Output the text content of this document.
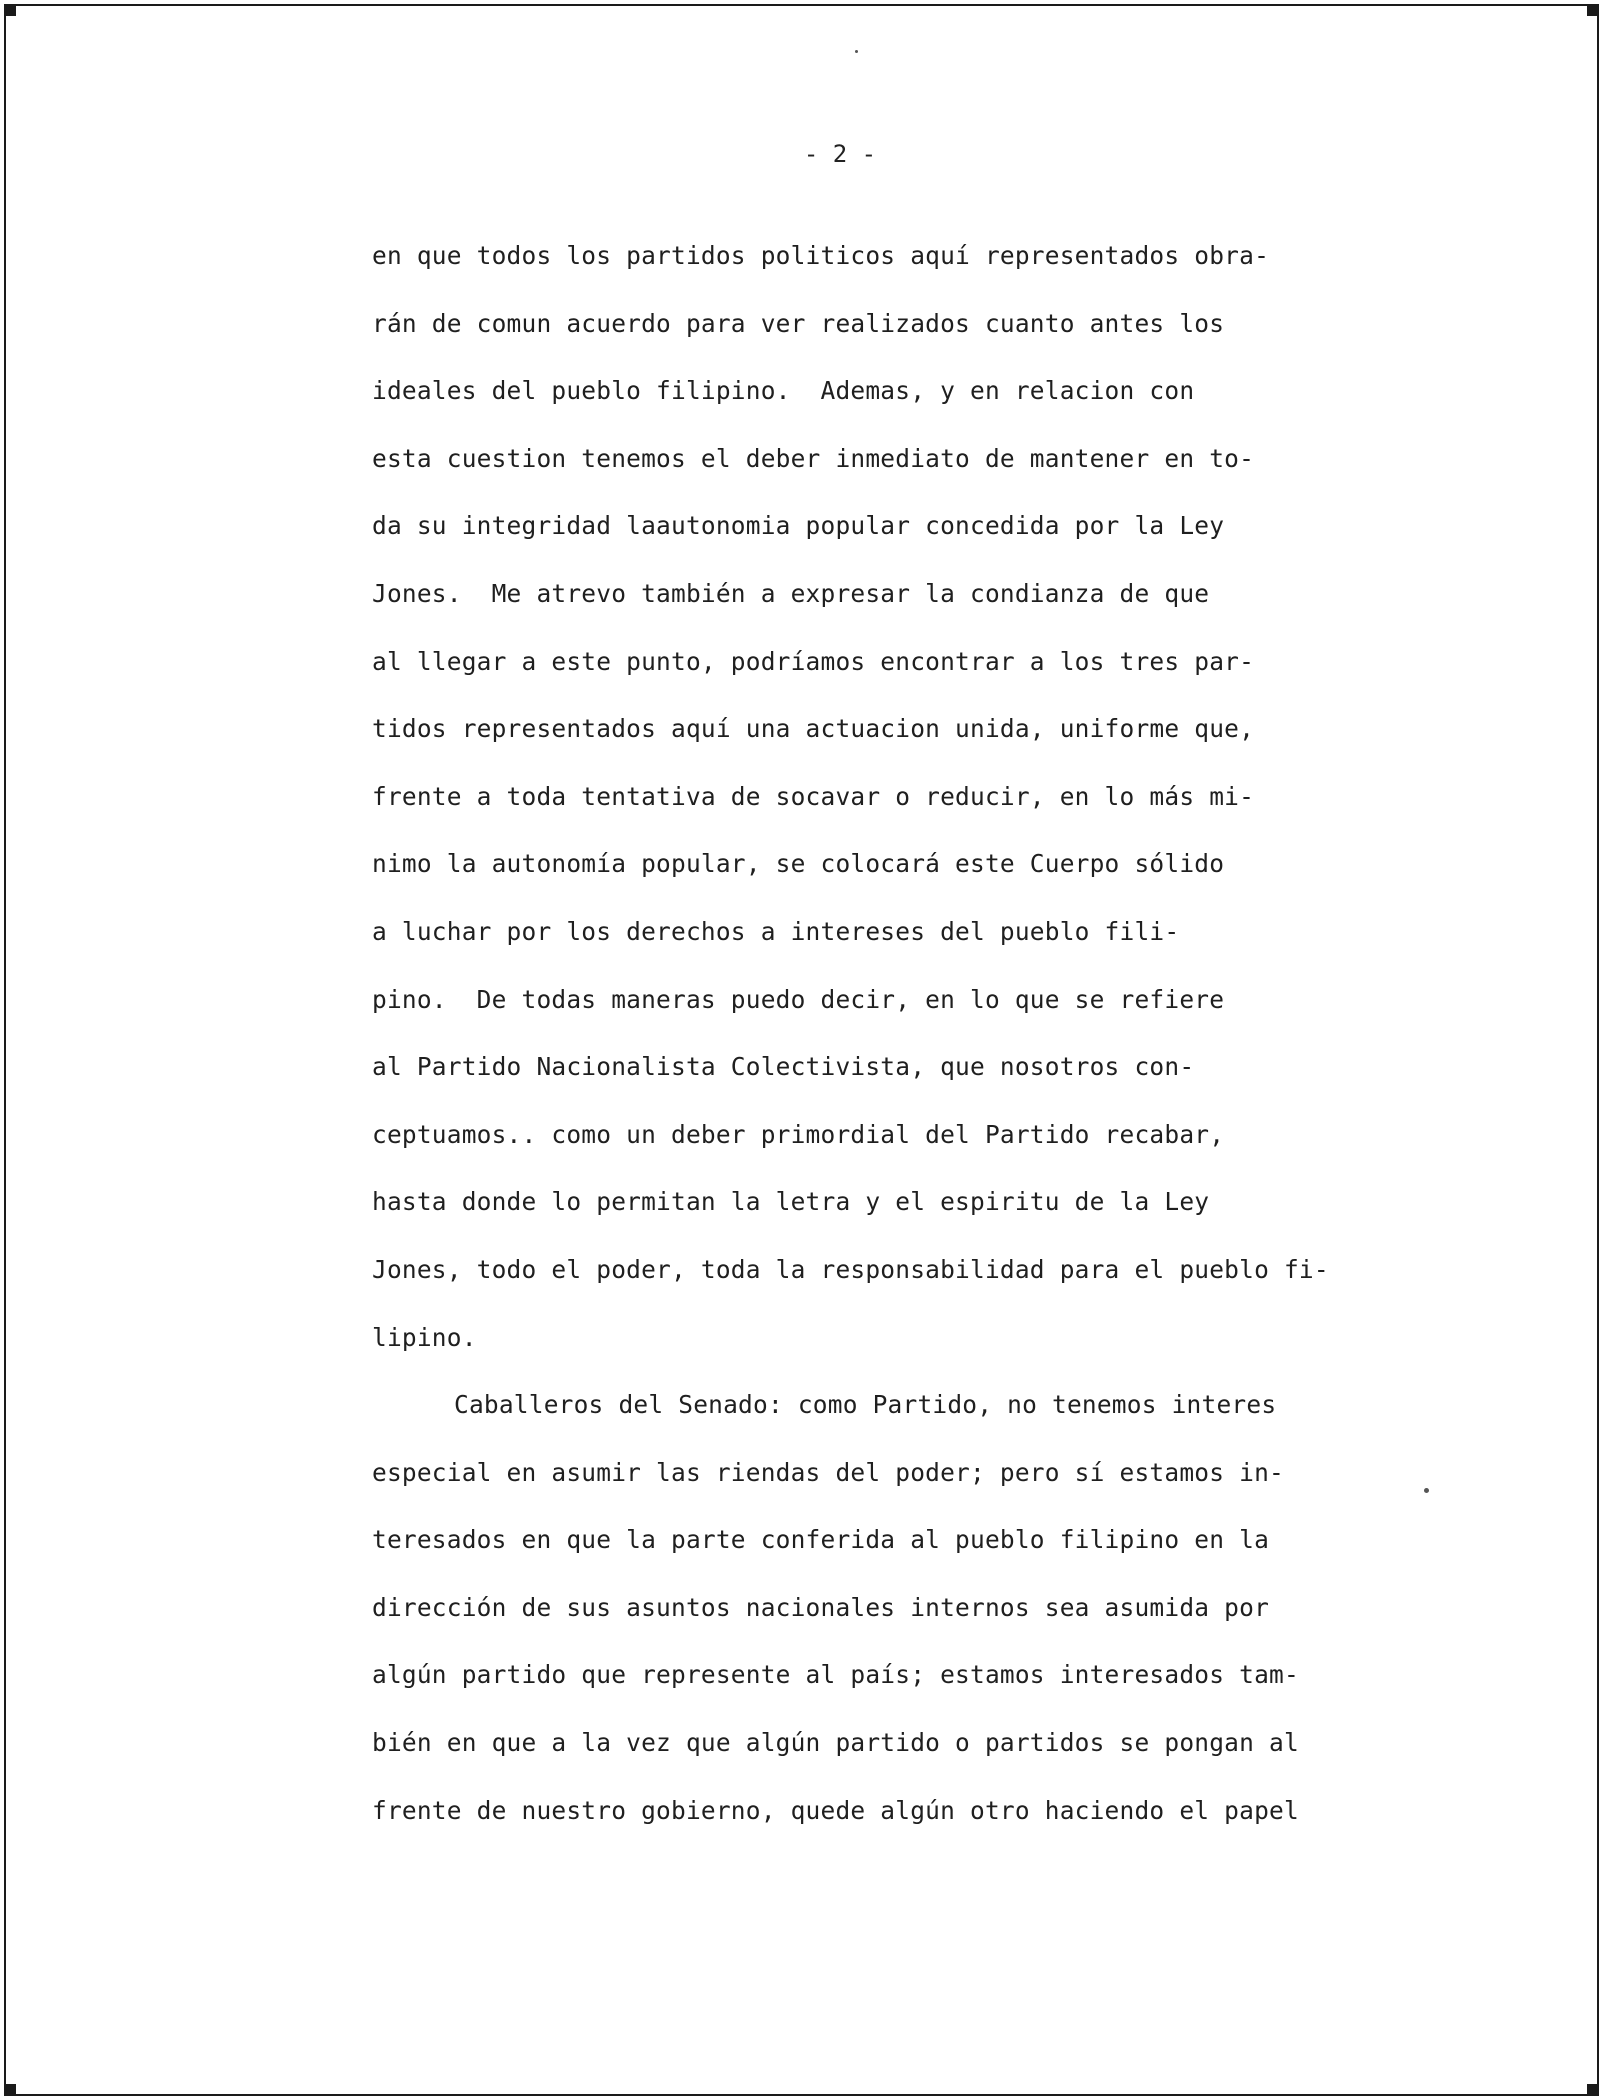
- 2 -
en que todos los partidos politicos aquí representados obra-
rán de comun acuerdo para ver realizados cuanto antes los
ideales del pueblo filipino.  Ademas, y en relacion con
esta cuestion tenemos el deber inmediato de mantener en to-
da su integridad laautonomia popular concedida por la Ley
Jones.  Me atrevo también a expresar la condianza de que
al llegar a este punto, podríamos encontrar a los tres par-
tidos representados aquí una actuacion unida, uniforme que,
frente a toda tentativa de socavar o reducir, en lo más mi-
nimo la autonomía popular, se colocará este Cuerpo sólido
a luchar por los derechos a intereses del pueblo fili-
pino.  De todas maneras puedo decir, en lo que se refiere
al Partido Nacionalista Colectivista, que nosotros con-
ceptuamos.. como un deber primordial del Partido recabar,
hasta donde lo permitan la letra y el espiritu de la Ley
Jones, todo el poder, toda la responsabilidad para el pueblo fi-
lipino.
Caballeros del Senado: como Partido, no tenemos interes
especial en asumir las riendas del poder; pero sí estamos in-
teresados en que la parte conferida al pueblo filipino en la
dirección de sus asuntos nacionales internos sea asumida por
algún partido que represente al país; estamos interesados tam-
bién en que a la vez que algún partido o partidos se pongan al
frente de nuestro gobierno, quede algún otro haciendo el papel
